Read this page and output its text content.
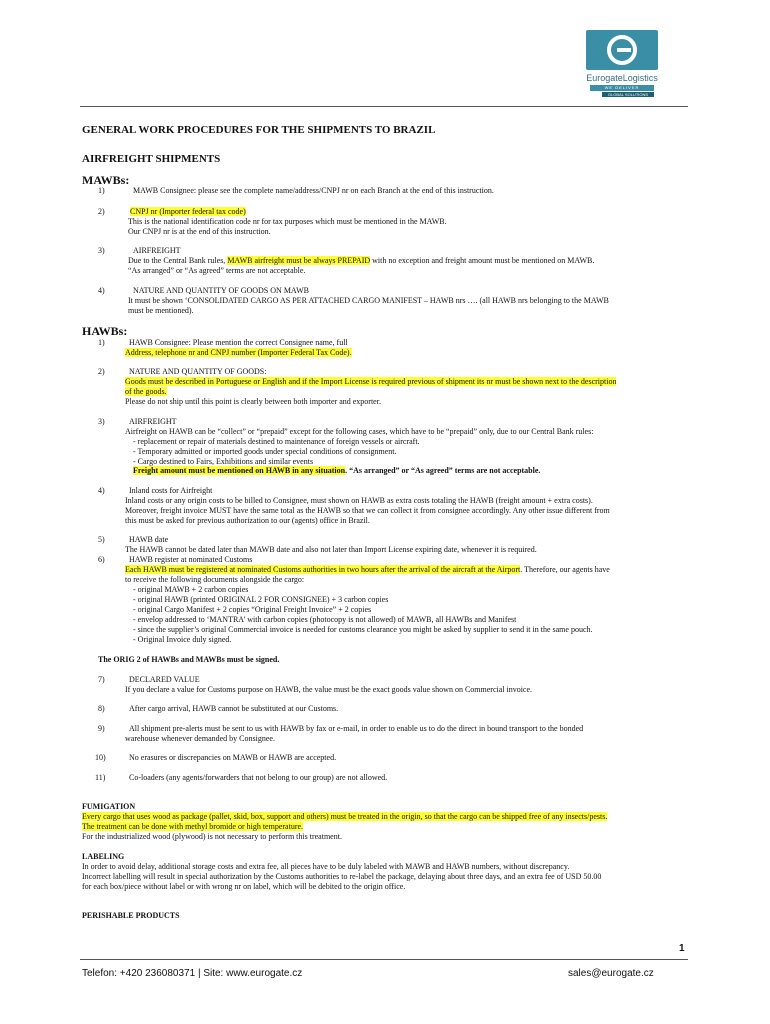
EurogateLogistics
WE DELIVER
GLOBAL SOLUTIONS
GENERAL WORK PROCEDURES FOR THE SHIPMENTS TO BRAZIL
AIRFREIGHT SHIPMENTS
MAWBs:
1)	MAWB Consignee: please see the complete name/address/CNPJ nr on each Branch at the end of this instruction.
2)	CNPJ nr (Importer federal tax code)
This is the national identification code nr for tax purposes which must be mentioned in the MAWB.
Our CNPJ nr is at the end of this instruction.
3)	AIRFREIGHT
Due to the Central Bank rules, MAWB airfreight must be always PREPAID with no exception and freight amount must be mentioned on MAWB.
“As arranged” or “As agreed” terms are not acceptable.
4)	NATURE AND QUANTITY OF GOODS ON MAWB
It must be shown ‘CONSOLIDATED CARGO AS PER ATTACHED CARGO MANIFEST – HAWB nrs …. (all HAWB nrs belonging to the MAWB
must be mentioned).
HAWBs:
1)	HAWB Consignee: Please mention the correct Consignee name, full
Address, telephone nr and CNPJ number (Importer Federal Tax Code).
2)	NATURE AND QUANTITY OF GOODS:
Goods must be described in Portuguese or English and if the Import License is required previous of shipment its nr must be shown next to the description
of the goods.
Please do not ship until this point is clearly between both importer and exporter.
3)	AIRFREIGHT
Airfreight on HAWB can be “collect” or “prepaid” except for the following cases, which have to be “prepaid” only, due to our Central Bank rules:
- replacement or repair of materials destined to maintenance of foreign vessels or aircraft.
- Temporary admitted or imported goods under special conditions of consignment.
- Cargo destined to Fairs, Exhibitions and similar events
Freight amount must be mentioned on HAWB in any situation. “As arranged” or “As agreed” terms are not acceptable.
4)	Inland costs for Airfreight
Inland costs or any origin costs to be billed to Consignee, must shown on HAWB as extra costs totaling the HAWB (freight amount + extra costs).
Moreover, freight invoice MUST have the same total as the HAWB so that we can collect it from consignee accordingly. Any other issue different from
this must be asked for previous authorization to our (agents) office in Brazil.
5)	HAWB date
The HAWB cannot be dated later than MAWB date and also not later than Import License expiring date, whenever it is required.
6)	HAWB register at nominated Customs
Each HAWB must be registered at nominated Customs authorities in two hours after the arrival of the aircraft at the Airport. Therefore, our agents have
to receive the following documents alongside the cargo:
- original MAWB + 2 carbon copies
- original HAWB (printed ORIGINAL 2 FOR CONSIGNEE) + 3 carbon copies
- original Cargo Manifest + 2 copies “Original Freight Invoice” + 2 copies
- envelop addressed to ‘MANTRA’ with carbon copies (photocopy is not allowed) of MAWB, all HAWBs and Manifest
- since the supplier’s original Commercial invoice is needed for customs clearance you might be asked by supplier to send it in the same pouch.
- Original Invoice duly signed.
The ORIG 2 of HAWBs and MAWBs must be signed.
7)	DECLARED VALUE
If you declare a value for Customs purpose on HAWB, the value must be the exact goods value shown on Commercial invoice.
8)	After cargo arrival, HAWB cannot be substituted at our Customs.
9)	All shipment pre-alerts must be sent to us with HAWB by fax or e-mail, in order to enable us to do the direct in bound transport to the bonded
warehouse whenever demanded by Consignee.
10)	No erasures or discrepancies on MAWB or HAWB are accepted.
11)	Co-loaders (any agents/forwarders that not belong to our group) are not allowed.
FUMIGATION
Every cargo that uses wood as package (pallet, skid, box, support and others) must be treated in the origin, so that the cargo can be shipped free of any insects/pests.
The treatment can be done with methyl bromide or high temperature.
For the industrialized wood (plywood) is not necessary to perform this treatment.
LABELING
In order to avoid delay, additional storage costs and extra fee, all pieces have to be duly labeled with MAWB and HAWB numbers, without discrepancy.
Incorrect labelling will result in special authorization by the Customs authorities to re-label the package, delaying about three days, and an extra fee of USD 50.00
for each box/piece without label or with wrong nr on label, which will be debited to the origin office.
PERISHABLE PRODUCTS
1
Telefon: +420 236080371 | Site: www.eurogate.cz	sales@eurogate.cz
